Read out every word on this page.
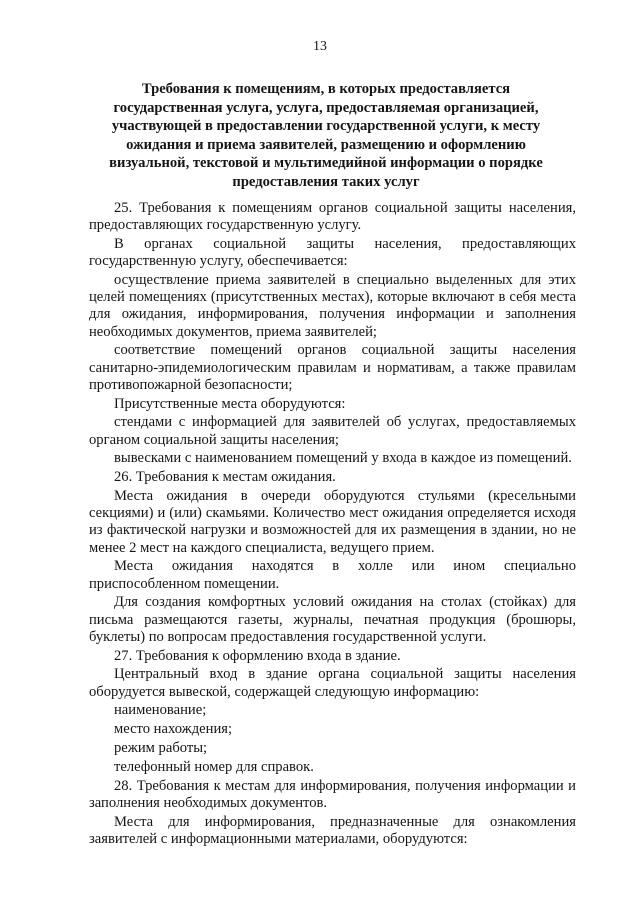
13
Требования к помещениям, в которых предоставляется государственная услуга, услуга, предоставляемая организацией, участвующей в предоставлении государственной услуги, к месту ожидания и приема заявителей, размещению и оформлению визуальной, текстовой и мультимедийной информации о порядке предоставления таких услуг

25. Требования к помещениям органов социальной защиты населения, предоставляющих государственную услугу.

В органах социальной защиты населения, предоставляющих государственную услугу, обеспечивается:

осуществление приема заявителей в специально выделенных для этих целей помещениях (присутственных местах), которые включают в себя места для ожидания, информирования, получения информации и заполнения необходимых документов, приема заявителей;

соответствие помещений органов социальной защиты населения санитарно-эпидемиологическим правилам и нормативам, а также правилам противопожарной безопасности;

Присутственные места оборудуются:

стендами с информацией для заявителей об услугах, предоставляемых органом социальной защиты населения;

вывесками с наименованием помещений у входа в каждое из помещений.

26. Требования к местам ожидания.

Места ожидания в очереди оборудуются стульями (кресельными секциями) и (или) скамьями. Количество мест ожидания определяется исходя из фактической нагрузки и возможностей для их размещения в здании, но не менее 2 мест на каждого специалиста, ведущего прием.

Места ожидания находятся в холле или ином специально приспособленном помещении.

Для создания комфортных условий ожидания на столах (стойках) для письма размещаются газеты, журналы, печатная продукция (брошюры, буклеты) по вопросам предоставления государственной услуги.

27. Требования к оформлению входа в здание.

Центральный вход в здание органа социальной защиты населения оборудуется вывеской, содержащей следующую информацию:

наименование;

место нахождения;

режим работы;

телефонный номер для справок.

28. Требования к местам для информирования, получения информации и заполнения необходимых документов.

Места для информирования, предназначенные для ознакомления заявителей с информационными материалами, оборудуются:
